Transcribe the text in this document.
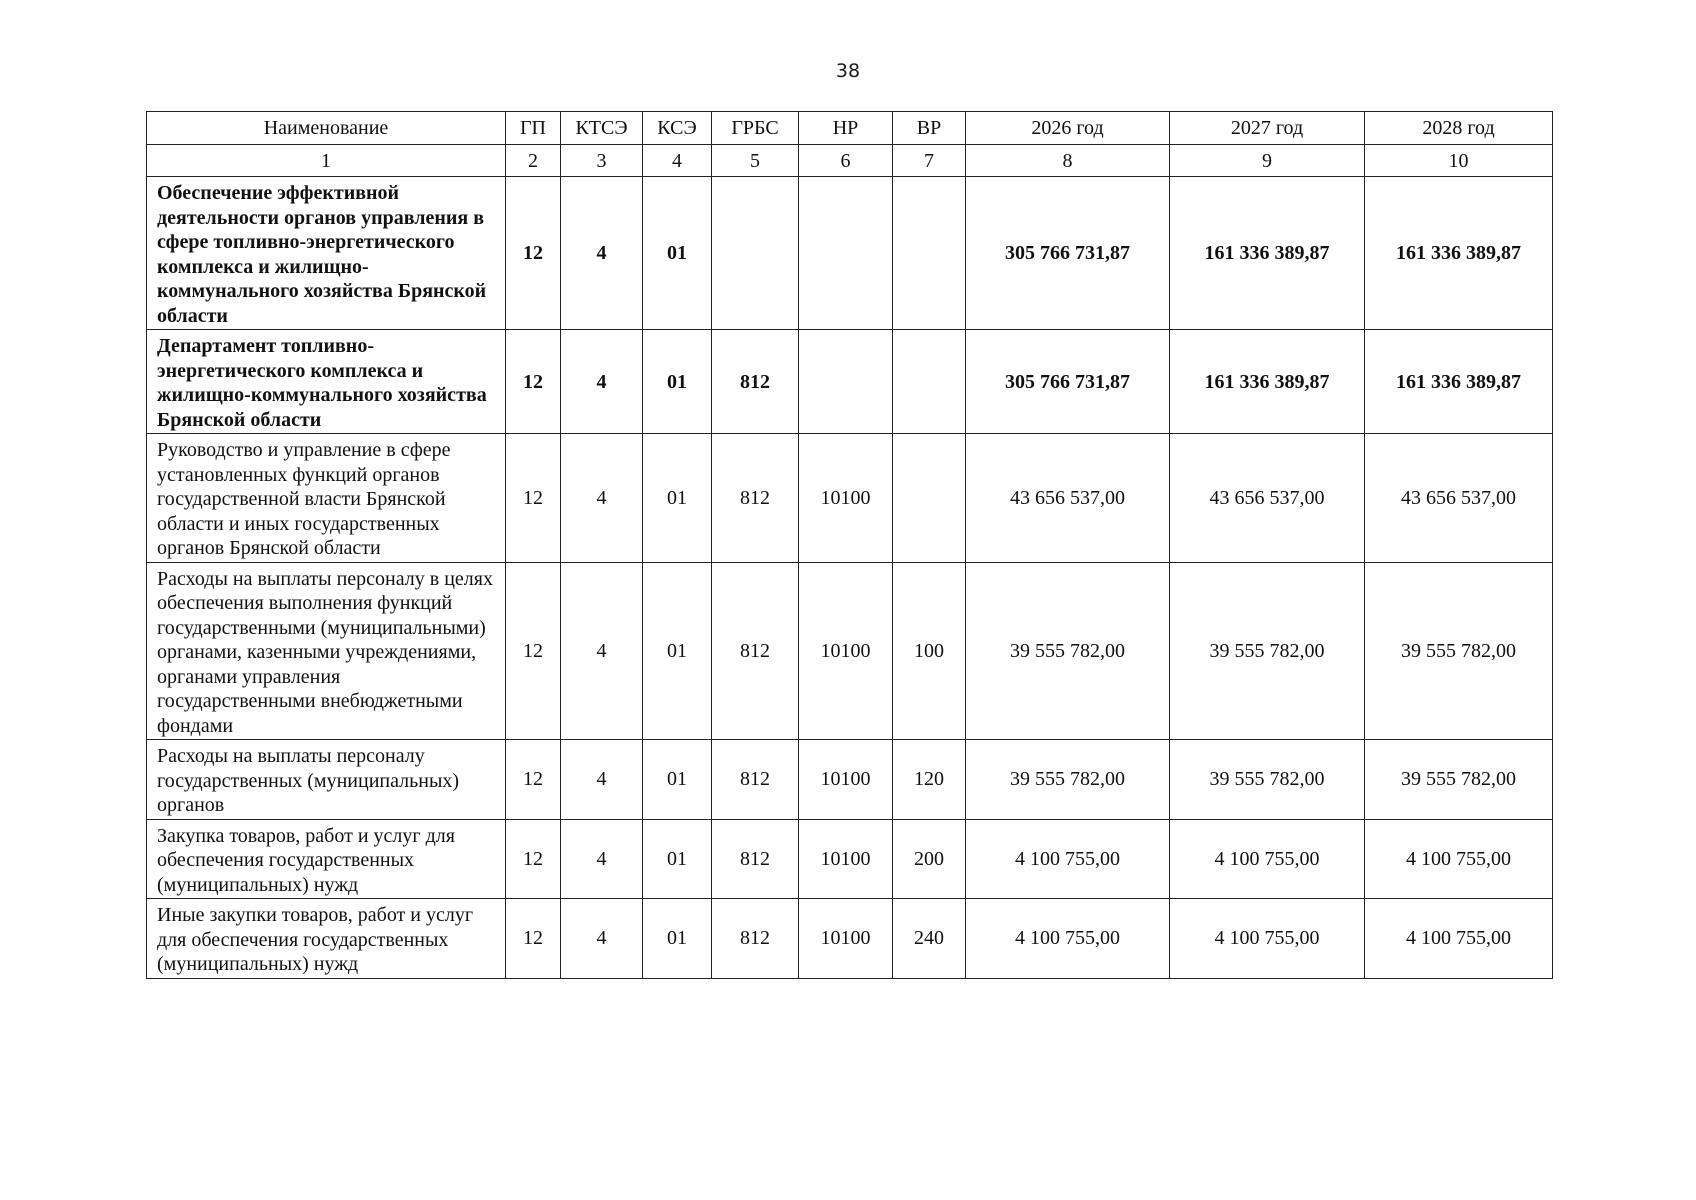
38
Наименование	ГП	КТСЭ	КСЭ	ГРБС	НР	ВР	2026 год	2027 год	2028 год
1	2	3	4	5	6	7	8	9	10
Обеспечение эффективной деятельности органов управления в сфере топливно-энергетического комплекса и жилищно-коммунального хозяйства Брянской области	12	4	01				305 766 731,87	161 336 389,87	161 336 389,87
Департамент топливно-энергетического комплекса и жилищно-коммунального хозяйства Брянской области	12	4	01	812			305 766 731,87	161 336 389,87	161 336 389,87
Руководство и управление в сфере установленных функций органов государственной власти Брянской области и иных государственных органов Брянской области	12	4	01	812	10100		43 656 537,00	43 656 537,00	43 656 537,00
Расходы на выплаты персоналу в целях обеспечения выполнения функций государственными (муниципальными) органами, казенными учреждениями, органами управления государственными внебюджетными фондами	12	4	01	812	10100	100	39 555 782,00	39 555 782,00	39 555 782,00
Расходы на выплаты персоналу государственных (муниципальных) органов	12	4	01	812	10100	120	39 555 782,00	39 555 782,00	39 555 782,00
Закупка товаров, работ и услуг для обеспечения государственных (муниципальных) нужд	12	4	01	812	10100	200	4 100 755,00	4 100 755,00	4 100 755,00
Иные закупки товаров, работ и услуг для обеспечения государственных (муниципальных) нужд	12	4	01	812	10100	240	4 100 755,00	4 100 755,00	4 100 755,00
